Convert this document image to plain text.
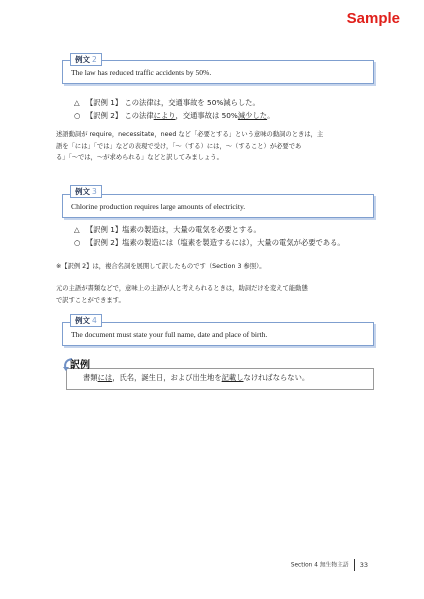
Sample
The law has reduced traffic accidents by 50%.
例文 2
△ 【訳例 1】 この法律は，交通事故を 50%減らした。
○ 【訳例 2】 この法律により，交通事故は 50%減少した。
述語動詞が require，necessitate，need など「必要とする」という意味の動詞のときは，主
語を「には」「では」などの表現で受け，「～（する）には，～（すること）が必要であ
る」「～では，～が求められる」などと訳してみましょう。
Chlorine production requires large amounts of electricity.
例文 3
△ 【訳例 1】塩素の製造は，大量の電気を必要とする。
○ 【訳例 2】塩素の製造には（塩素を製造するには），大量の電気が必要である。
※【訳例 2】は，複合名詞を展開して訳したものです（Section 3 参照）。
元の主語が書類などで，意味上の主語が人と考えられるときは，助詞だけを変えて能動態
で訳すことができます。
The document must state your full name, date and place of birth.
例文 4
書類には，氏名，誕生日，および出生地を記載しなければならない。
訳例
Section 4 無生物主語 33
